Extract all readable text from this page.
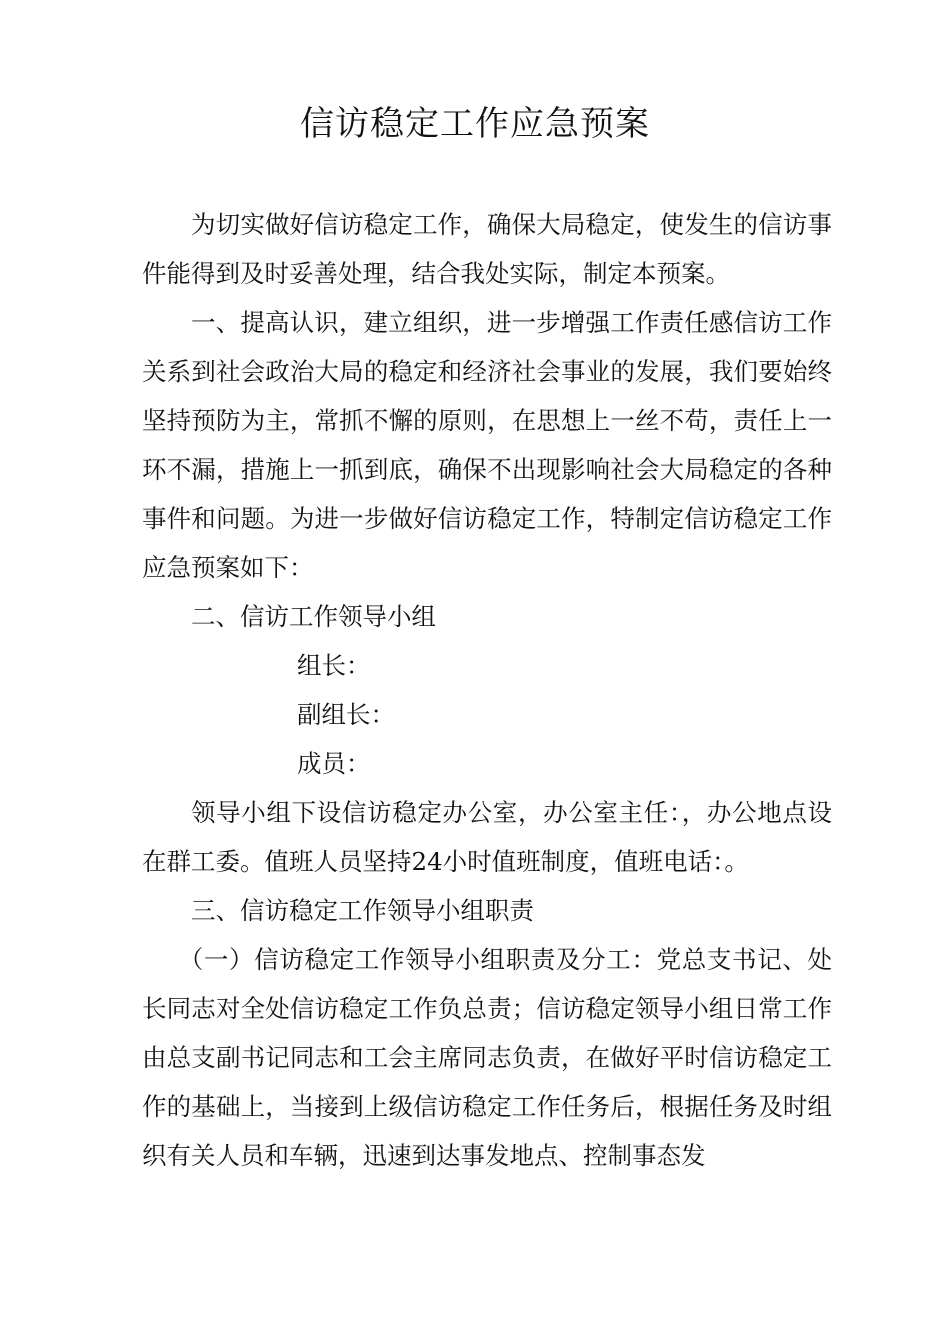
信访稳定工作应急预案

为切实做好信访稳定工作，确保大局稳定，使发生的信访事件能得到及时妥善处理，结合我处实际，制定本预案。

一、提高认识，建立组织，进一步增强工作责任感信访工作关系到社会政治大局的稳定和经济社会事业的发展，我们要始终坚持预防为主，常抓不懈的原则，在思想上一丝不苟，责任上一环不漏，措施上一抓到底，确保不出现影响社会大局稳定的各种事件和问题。为进一步做好信访稳定工作，特制定信访稳定工作应急预案如下：

二、信访工作领导小组

组长：

副组长：

成员：

领导小组下设信访稳定办公室，办公室主任：，办公地点设在群工委。值班人员坚持24小时值班制度，值班电话：。

三、信访稳定工作领导小组职责

（一）信访稳定工作领导小组职责及分工：党总支书记、处长同志对全处信访稳定工作负总责；信访稳定领导小组日常工作由总支副书记同志和工会主席同志负责，在做好平时信访稳定工作的基础上，当接到上级信访稳定工作任务后，根据任务及时组织有关人员和车辆，迅速到达事发地点、控制事态发
